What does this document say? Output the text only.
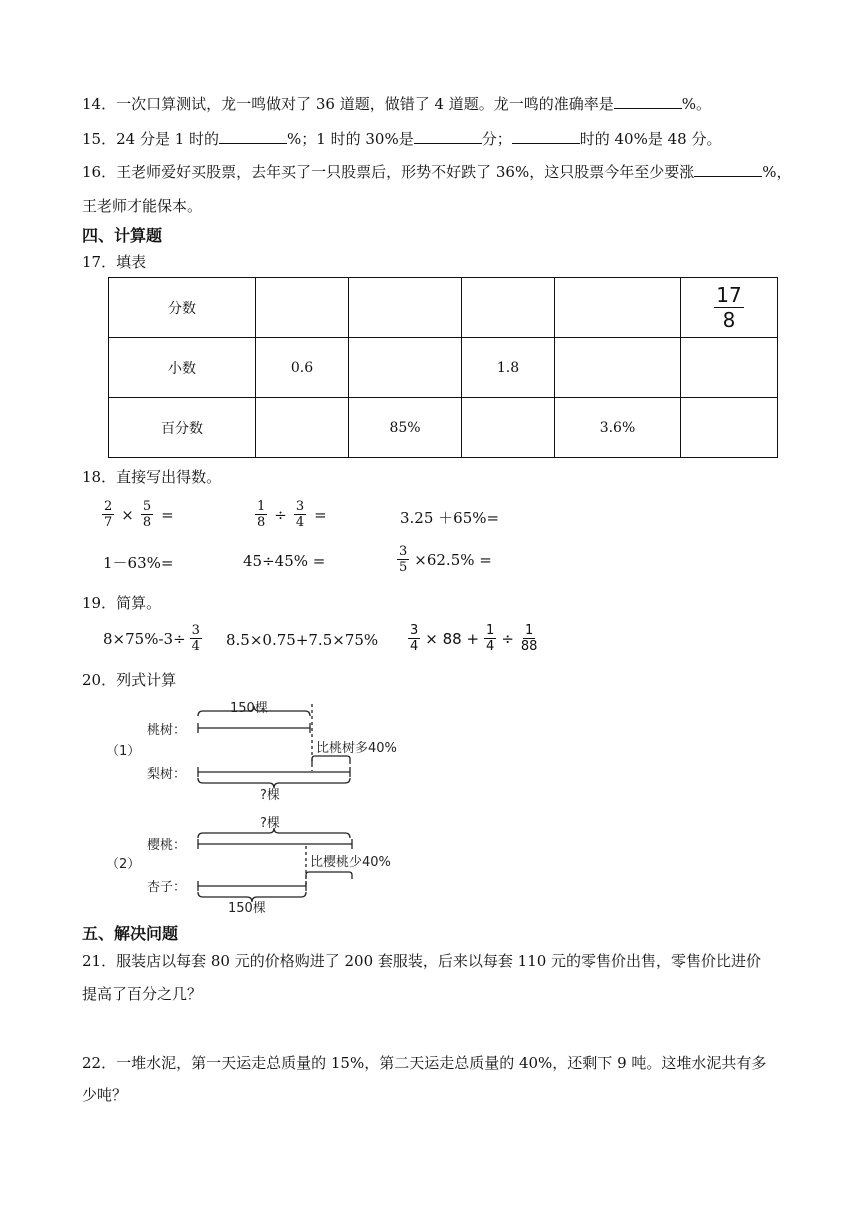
14．一次口算测试，龙一鸣做对了 36 道题，做错了 4 道题。龙一鸣的准确率是	%。
15．24 分是 1 时的	%；1 时的 30%是	分；	时的 40%是 48 分。
16．王老师爱好买股票，去年买了一只股票后，形势不好跌了 36%，这只股票今年至少要涨	%，
王老师才能保本。
四、计算题
17．填表
分数					$\frac{17}{8}$

小数	0.6		1.8		
百分数		85%		3.6%	
18．直接写出得数。
$\frac{2}{7} \times \frac{5}{8}$ =	$\frac{1}{8} \div \frac{3}{4}$ =	3.25 ＋65%=
1－63%=	45÷45% =	$\frac{3}{5} \times 62.5\%$ =
19．简算。
$8\times 75\%-3\div \frac{3}{4} 8.5\times 0.75+7.5\times 75\% \frac{3}{4} \times 88 + \frac{1}{4} \div \frac{1}{88}$
20．列式计算
150棵
桃树：
（1）	比桃树多40%
梨树：
?棵
?棵
樱桃：
（2）	比樱桃少40%
杏子：
150棵
五、解决问题
21．服装店以每套 80 元的价格购进了 200 套服装，后来以每套 110 元的零售价出售，零售价比进价
提高了百分之几？
22．一堆水泥，第一天运走总质量的 15%，第二天运走总质量的 40%，还剩下 9 吨。这堆水泥共有多
少吨？
